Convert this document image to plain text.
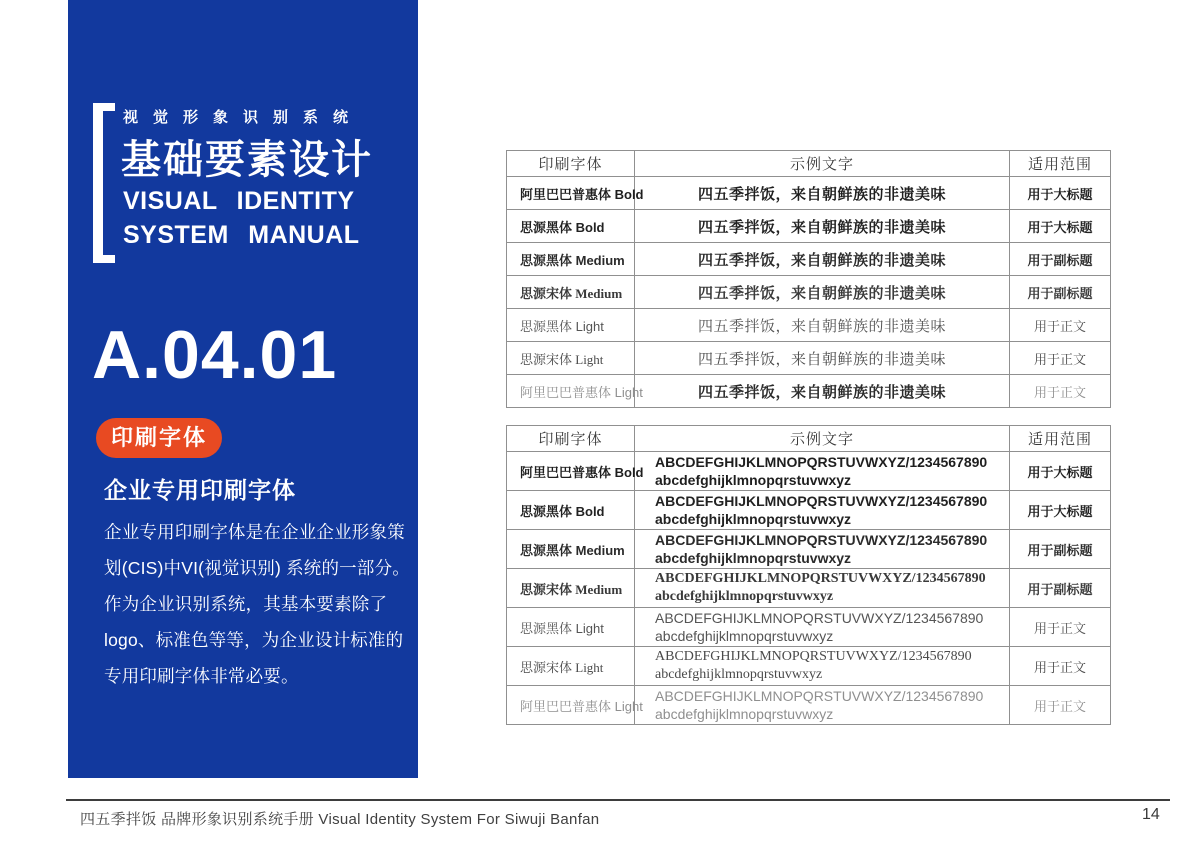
视觉形象识别系统
基础要素设计
VISUAL IDENTITY
SYSTEM MANUAL
A.04.01
印刷字体
企业专用印刷字体

企业专用印刷字体是在企业企业形象策划(CIS)中VI(视觉识别) 系统的一部分。作为企业识别系统，其基本要素除了logo、标准色等等，为企业设计标准的专用印刷字体非常必要。

印刷字体	示例文字	适用范围
阿里巴巴普惠体 Bold	四五季拌饭，来自朝鲜族的非遗美味	用于大标题
思源黑体 Bold	四五季拌饭，来自朝鲜族的非遗美味	用于大标题
思源黑体 Medium	四五季拌饭，来自朝鲜族的非遗美味	用于副标题
思源宋体 Medium	四五季拌饭，来自朝鲜族的非遗美味	用于副标题
思源黑体 Light	四五季拌饭，来自朝鲜族的非遗美味	用于正文
思源宋体 Light	四五季拌饭，来自朝鲜族的非遗美味	用于正文
阿里巴巴普惠体 Light	四五季拌饭，来自朝鲜族的非遗美味	用于正文
印刷字体	示例文字	适用范围
阿里巴巴普惠体 Bold	ABCDEFGHIJKLMNOPQRSTUVWXYZ/1234567890
abcdefghijklmnopqrstuvwxyz	用于大标题
思源黑体 Bold	ABCDEFGHIJKLMNOPQRSTUVWXYZ/1234567890
abcdefghijklmnopqrstuvwxyz	用于大标题
思源黑体 Medium	ABCDEFGHIJKLMNOPQRSTUVWXYZ/1234567890
abcdefghijklmnopqrstuvwxyz	用于副标题
思源宋体 Medium	ABCDEFGHIJKLMNOPQRSTUVWXYZ/1234567890
abcdefghijklmnopqrstuvwxyz	用于副标题
思源黑体 Light	ABCDEFGHIJKLMNOPQRSTUVWXYZ/1234567890
abcdefghijklmnopqrstuvwxyz	用于正文
思源宋体 Light	ABCDEFGHIJKLMNOPQRSTUVWXYZ/1234567890
abcdefghijklmnopqrstuvwxyz	用于正文
阿里巴巴普惠体 Light	ABCDEFGHIJKLMNOPQRSTUVWXYZ/1234567890
abcdefghijklmnopqrstuvwxyz	用于正文
四五季拌饭 品牌形象识别系统手册 Visual Identity System For Siwuji Banfan	14
